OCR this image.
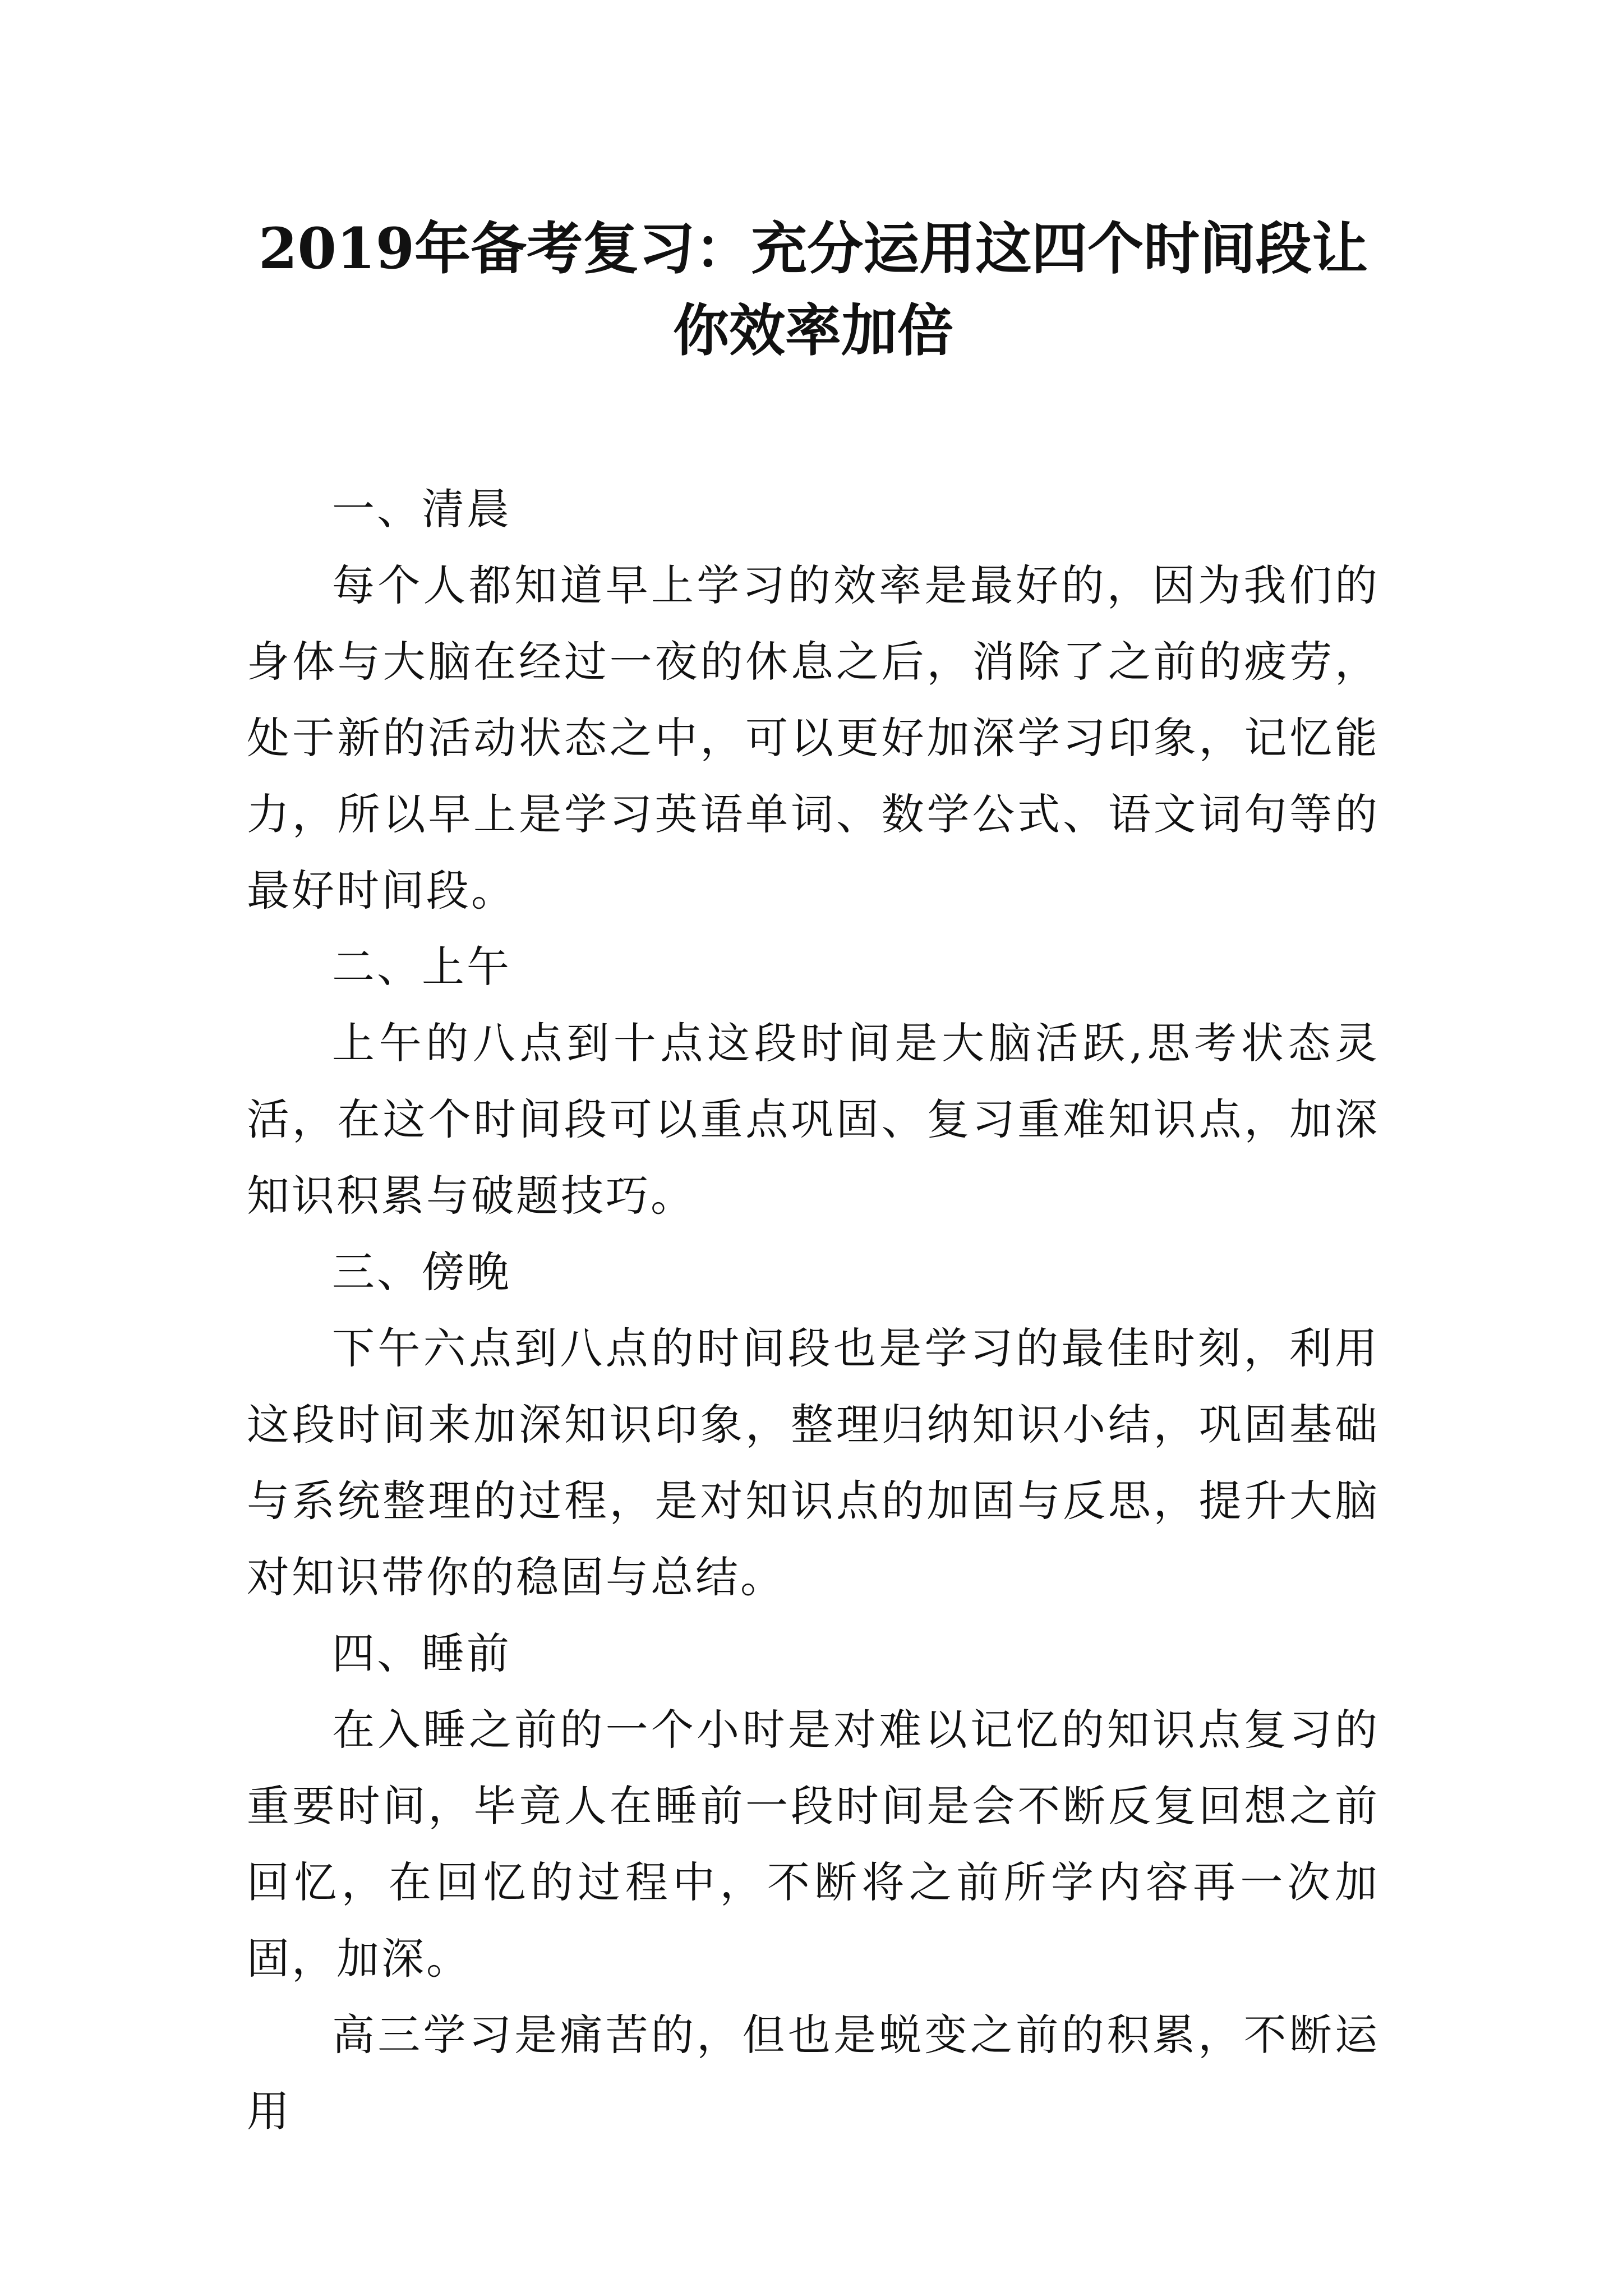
2019年备考复习：充分运用这四个时间段让你效率加倍

一、清晨

每个人都知道早上学习的效率是最好的，因为我们的身体与大脑在经过一夜的休息之后，消除了之前的疲劳，处于新的活动状态之中，可以更好加深学习印象，记忆能力，所以早上是学习英语单词、数学公式、语文词句等的最好时间段。

二、上午

上午的八点到十点这段时间是大脑活跃,思考状态灵活，在这个时间段可以重点巩固、复习重难知识点，加深知识积累与破题技巧。

三、傍晚

下午六点到八点的时间段也是学习的最佳时刻，利用这段时间来加深知识印象，整理归纳知识小结，巩固基础与系统整理的过程，是对知识点的加固与反思，提升大脑对知识带你的稳固与总结。

四、睡前

在入睡之前的一个小时是对难以记忆的知识点复习的重要时间，毕竟人在睡前一段时间是会不断反复回想之前回忆，在回忆的过程中，不断将之前所学内容再一次加固，加深。

高三学习是痛苦的，但也是蜕变之前的积累，不断运用
